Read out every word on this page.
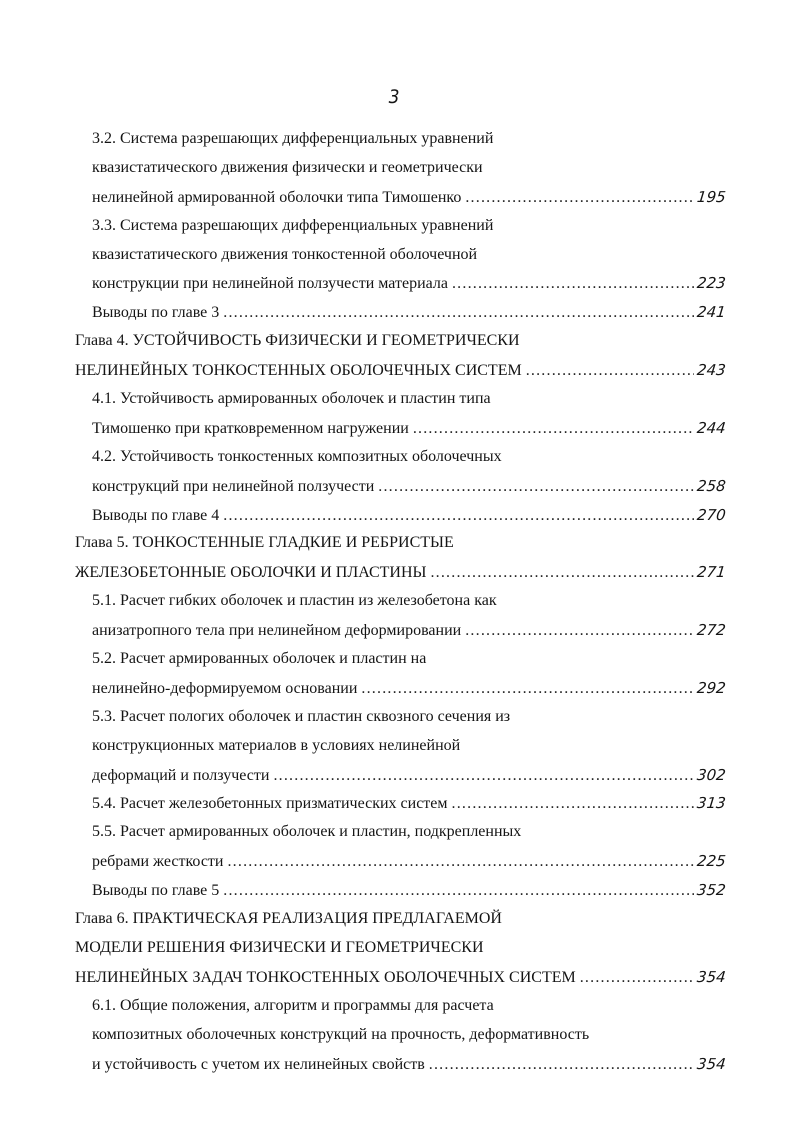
3
3.2. Система разрешающих дифференциальных уравнений
квазистатического движения физически и геометрически
нелинейной армированной оболочки типа Тимошенко .....	195
3.3. Система разрешающих дифференциальных уравнений
квазистатического движения тонкостенной оболочечной
конструкции при нелинейной ползучести материала .....	223
Выводы по главе 3 .....	241
Глава 4. УСТОЙЧИВОСТЬ ФИЗИЧЕСКИ И ГЕОМЕТРИЧЕСКИ
НЕЛИНЕЙНЫХ ТОНКОСТЕННЫХ ОБОЛОЧЕЧНЫХ СИСТЕМ .....	243
4.1. Устойчивость армированных оболочек и пластин типа
Тимошенко при кратковременном нагружении .....	244
4.2. Устойчивость тонкостенных композитных оболочечных
конструкций при нелинейной ползучести .....	258
Выводы по главе 4 .....	270
Глава 5. ТОНКОСТЕННЫЕ ГЛАДКИЕ И РЕБРИСТЫЕ
ЖЕЛЕЗОБЕТОННЫЕ ОБОЛОЧКИ И ПЛАСТИНЫ .....	271
5.1. Расчет гибких оболочек и пластин из железобетона как
анизатропного тела при нелинейном деформировании .....	272
5.2. Расчет армированных оболочек и пластин на
нелинейно-деформируемом основании .....	292
5.3. Расчет пологих оболочек и пластин сквозного сечения из
конструкционных материалов в условиях нелинейной
деформаций и ползучести .....	302
5.4. Расчет железобетонных призматических систем .....	313
5.5. Расчет армированных оболочек и пластин, подкрепленных
ребрами жесткости .....	225
Выводы по главе 5 .....	352
Глава 6. ПРАКТИЧЕСКАЯ РЕАЛИЗАЦИЯ ПРЕДЛАГАЕМОЙ
МОДЕЛИ РЕШЕНИЯ ФИЗИЧЕСКИ И ГЕОМЕТРИЧЕСКИ
НЕЛИНЕЙНЫХ ЗАДАЧ ТОНКОСТЕННЫХ ОБОЛОЧЕЧНЫХ СИСТЕМ .....	354
6.1. Общие положения, алгоритм и программы для расчета
композитных оболочечных конструкций на прочность, деформативность
и устойчивость с учетом их нелинейных свойств .....	354
